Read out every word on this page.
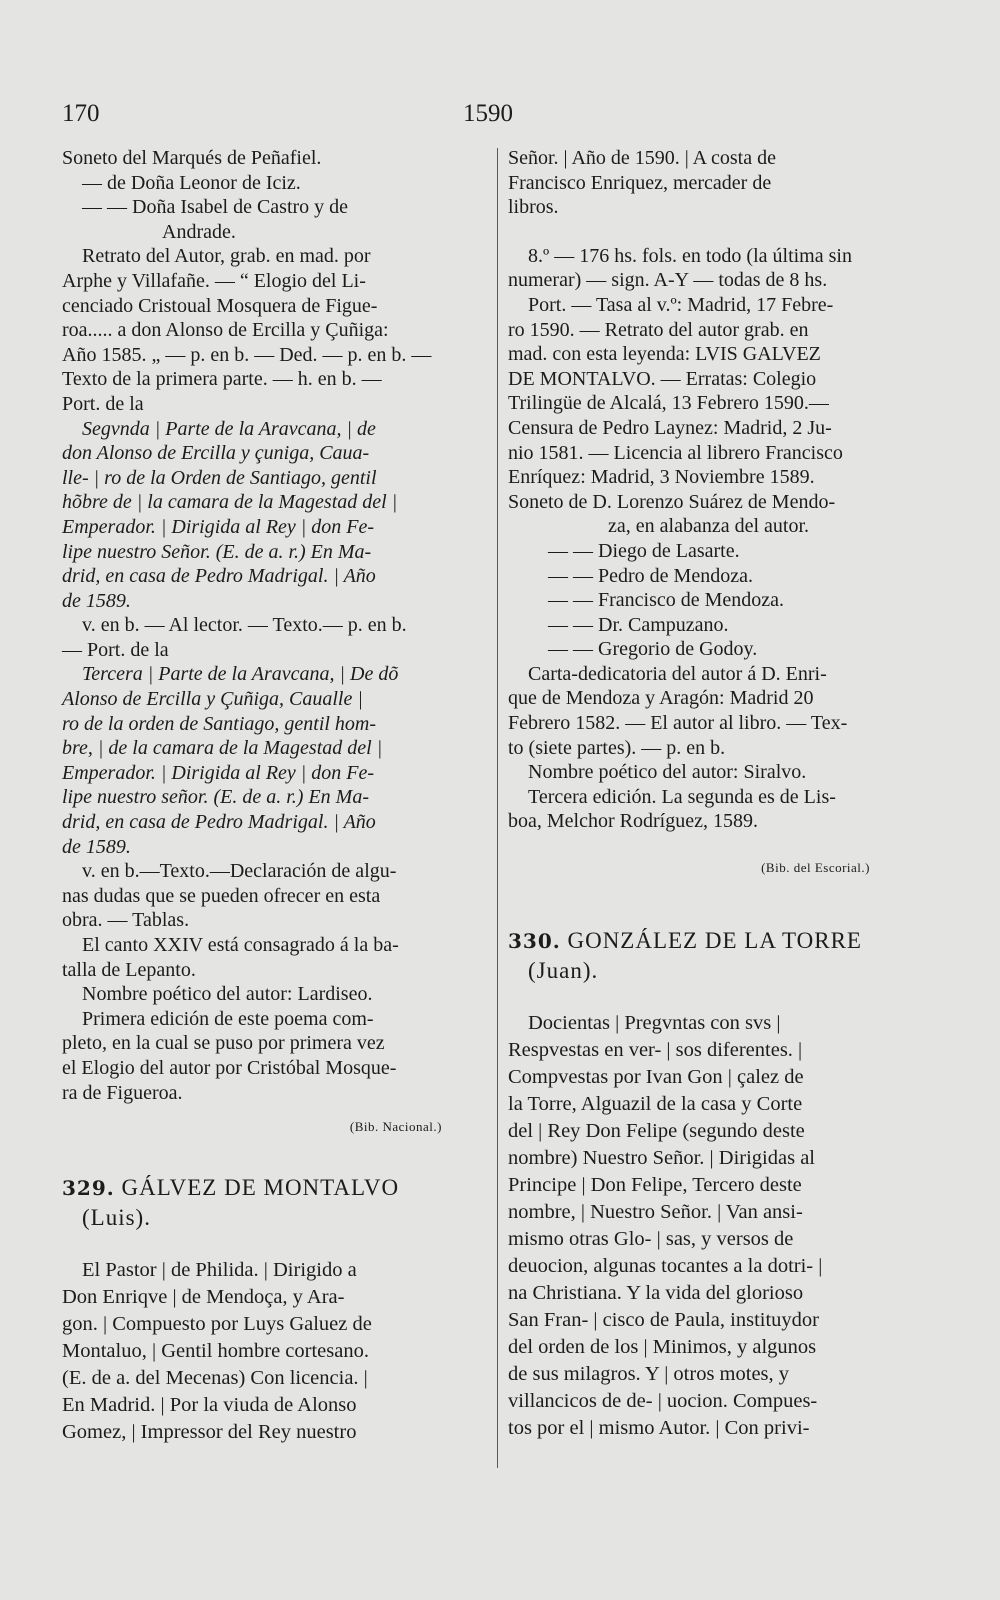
170	1590
Soneto del Marqués de Peñafiel.
— de Doña Leonor de Iciz.
— — Doña Isabel de Castro y de
Andrade.
Retrato del Autor, grab. en mad. por
Arphe y Villafañe. — “ Elogio del Li-
cenciado Cristoual Mosquera de Figue-
roa..... a don Alonso de Ercilla y Çuñiga:
Año 1585. „ — p. en b. — Ded. — p. en b. —
Texto de la primera parte. — h. en b. —
Port. de la
Segvnda | Parte de la Aravcana, | de
don Alonso de Ercilla y çuniga, Caua-
lle- | ro de la Orden de Santiago, gentil
hõbre de | la camara de la Magestad del |
Emperador. | Dirigida al Rey | don Fe-
lipe nuestro Señor. (E. de a. r.) En Ma-
drid, en casa de Pedro Madrigal. | Año
de 1589.
v. en b. — Al lector. — Texto.— p. en b.
— Port. de la
Tercera | Parte de la Aravcana, | De dõ
Alonso de Ercilla y Çuñiga, Caualle |
ro de la orden de Santiago, gentil hom-
bre, | de la camara de la Magestad del |
Emperador. | Dirigida al Rey | don Fe-
lipe nuestro señor. (E. de a. r.) En Ma-
drid, en casa de Pedro Madrigal. | Año
de 1589.
v. en b.—Texto.—Declaración de algu-
nas dudas que se pueden ofrecer en esta
obra. — Tablas.
El canto XXIV está consagrado á la ba-
talla de Lepanto.
Nombre poético del autor: Lardiseo.
Primera edición de este poema com-
pleto, en la cual se puso por primera vez
el Elogio del autor por Cristóbal Mosque-
ra de Figueroa.
(Bib. Nacional.)
329. GÁLVEZ DE MONTALVO
(Luis).
El Pastor | de Philida. | Dirigido a
Don Enriqve | de Mendoça, y Ara-
gon. | Compuesto por Luys Galuez de
Montaluo, | Gentil hombre cortesano.
(E. de a. del Mecenas) Con licencia. |
En Madrid. | Por la viuda de Alonso
Gomez, | Impressor del Rey nuestro
Señor. | Año de 1590. | A costa de
Francisco Enriquez, mercader de
libros.
8.º — 176 hs. fols. en todo (la última sin
numerar) — sign. A-Y — todas de 8 hs.
Port. — Tasa al v.º: Madrid, 17 Febre-
ro 1590. — Retrato del autor grab. en
mad. con esta leyenda: LVIS GALVEZ
DE MONTALVO. — Erratas: Colegio
Trilingüe de Alcalá, 13 Febrero 1590.—
Censura de Pedro Laynez: Madrid, 2 Ju-
nio 1581. — Licencia al librero Francisco
Enríquez: Madrid, 3 Noviembre 1589.
Soneto de D. Lorenzo Suárez de Mendo-
za, en alabanza del autor.
— — Diego de Lasarte.
— — Pedro de Mendoza.
— — Francisco de Mendoza.
— — Dr. Campuzano.
— — Gregorio de Godoy.
Carta-dedicatoria del autor á D. Enri-
que de Mendoza y Aragón: Madrid 20
Febrero 1582. — El autor al libro. — Tex-
to (siete partes). — p. en b.
Nombre poético del autor: Siralvo.
Tercera edición. La segunda es de Lis-
boa, Melchor Rodríguez, 1589.
(Bib. del Escorial.)
330. GONZÁLEZ DE LA TORRE
(Juan).
Docientas | Pregvntas con svs |
Respvestas en ver- | sos diferentes. |
Compvestas por Ivan Gon | çalez de
la Torre, Alguazil de la casa y Corte
del | Rey Don Felipe (segundo deste
nombre) Nuestro Señor. | Dirigidas al
Principe | Don Felipe, Tercero deste
nombre, | Nuestro Señor. | Van ansi-
mismo otras Glo- | sas, y versos de
deuocion, algunas tocantes a la dotri- |
na Christiana. Y la vida del glorioso
San Fran- | cisco de Paula, instituydor
del orden de los | Minimos, y algunos
de sus milagros. Y | otros motes, y
villancicos de de- | uocion. Compues-
tos por el | mismo Autor. | Con privi-
